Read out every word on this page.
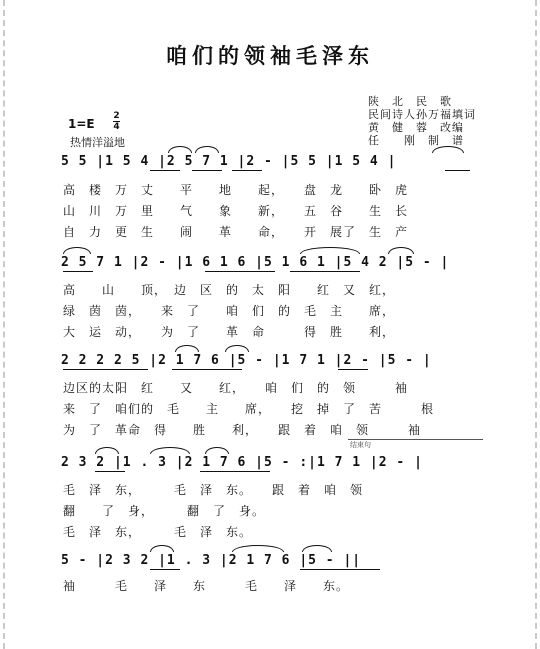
咱们的领袖毛泽东
陕　北　民　歌
民间诗人孙万福填词
黄　健　蓉　改编
任　　刚　制　谱
1=E
2
4
热情洋溢地
5 5 |1 5 4 |2 5 7 1 |2 - |5 5 |1 5 4 |
高　楼　万　丈　　平　　地　　起，　　盘　龙　　卧　虎
山　川　万　里　　气　　象　　新，　　五　谷　　生　长
自　力　更　生　　闹　　革　　命，　　开　展了　生　产
2 5 7 1 |2 - |1 6 1 6 |5 1 6 1 |5 4 2 |5 - |
高　　山　　顶，　边　区　的　太　阳　　红　又　红，
绿　茵　茵，　　来　了　　咱　们　的　毛　主　　席，
大　运　动，　　为　了　　革　命　　　得　胜　　利，
2 2 2 2 5 |2 1 7 6 |5 - |1 7 1 |2 - |5 - |
边区的太阳　红　　又　　红，　　咱　们　的　领　　　袖
来　了　咱们的　毛　　主　　席，　　挖　掉　了　苦　　　根
为　了　革命　得　　胜　　利，　　跟　着　咱　领　　　袖
结束句
2 3 2 |1 . 3 |2 1 7 6 |5 - :|1 7 1 |2 - |
毛　泽　东，　　　毛　泽　东。　　跟　着　咱　领
翻　　了　身，　　　翻　了　身。
毛　泽　东，　　　毛　泽　东。
5 - |2 3 2 |1 . 3 |2 1 7 6 |5 - ||
袖　　　毛　　泽　　东　　　毛　　泽　　东。
